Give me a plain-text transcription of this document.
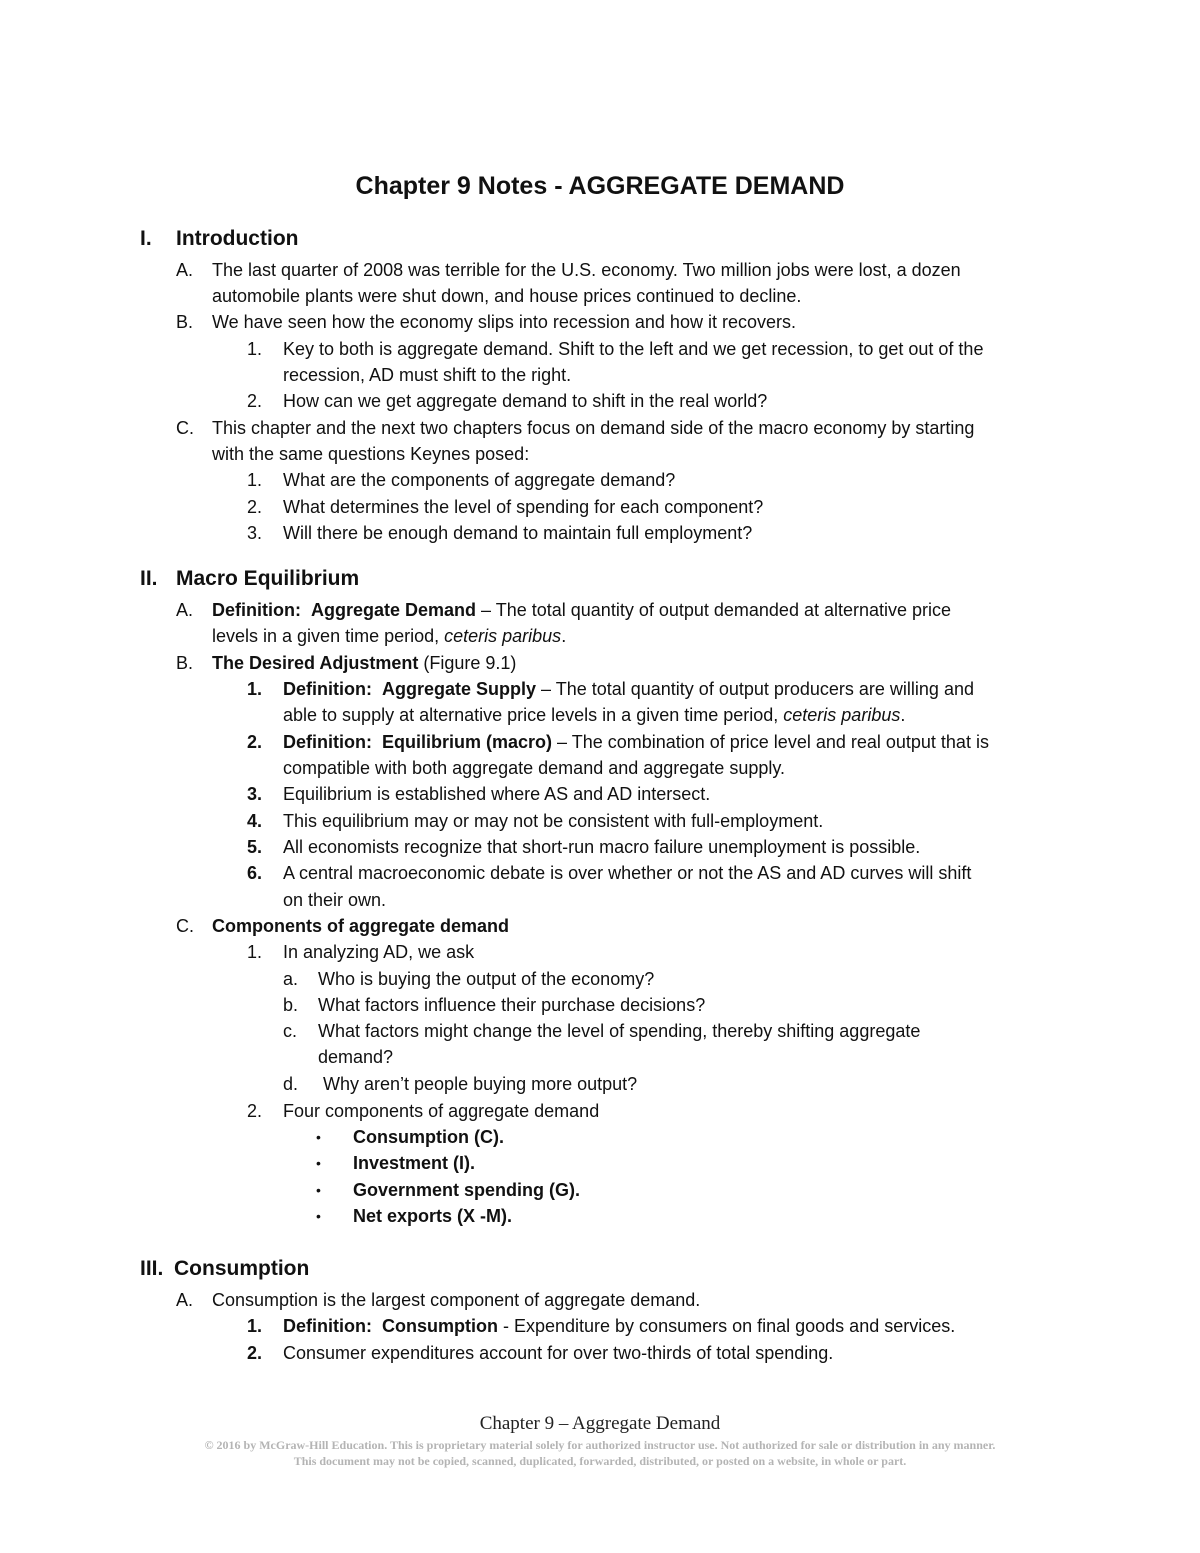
Chapter 9 Notes - AGGREGATE DEMAND
I. Introduction
A. The last quarter of 2008 was terrible for the U.S. economy. Two million jobs were lost, a dozen
automobile plants were shut down, and house prices continued to decline.
B. We have seen how the economy slips into recession and how it recovers.
1. Key to both is aggregate demand. Shift to the left and we get recession, to get out of the
recession, AD must shift to the right.
2. How can we get aggregate demand to shift in the real world?
C. This chapter and the next two chapters focus on demand side of the macro economy by starting
with the same questions Keynes posed:
1. What are the components of aggregate demand?
2. What determines the level of spending for each component?
3. Will there be enough demand to maintain full employment?
II. Macro Equilibrium
A. Definition: Aggregate Demand – The total quantity of output demanded at alternative price
levels in a given time period, ceteris paribus.
B. The Desired Adjustment (Figure 9.1)
1. Definition: Aggregate Supply – The total quantity of output producers are willing and
able to supply at alternative price levels in a given time period, ceteris paribus.
2. Definition: Equilibrium (macro) – The combination of price level and real output that is
compatible with both aggregate demand and aggregate supply.
3. Equilibrium is established where AS and AD intersect.
4. This equilibrium may or may not be consistent with full-employment.
5. All economists recognize that short-run macro failure unemployment is possible.
6. A central macroeconomic debate is over whether or not the AS and AD curves will shift
on their own.
C. Components of aggregate demand
1. In analyzing AD, we ask
a. Who is buying the output of the economy?
b. What factors influence their purchase decisions?
c. What factors might change the level of spending, thereby shifting aggregate
demand?
d. Why aren’t people buying more output?
2. Four components of aggregate demand
• Consumption (C).
• Investment (I).
• Government spending (G).
• Net exports (X -M).
III. Consumption
A. Consumption is the largest component of aggregate demand.
1. Definition: Consumption - Expenditure by consumers on final goods and services.
2. Consumer expenditures account for over two-thirds of total spending.
Chapter 9 – Aggregate Demand
© 2016 by McGraw-Hill Education. This is proprietary material solely for authorized instructor use. Not authorized for sale or distribution in any manner.
This document may not be copied, scanned, duplicated, forwarded, distributed, or posted on a website, in whole or part.
